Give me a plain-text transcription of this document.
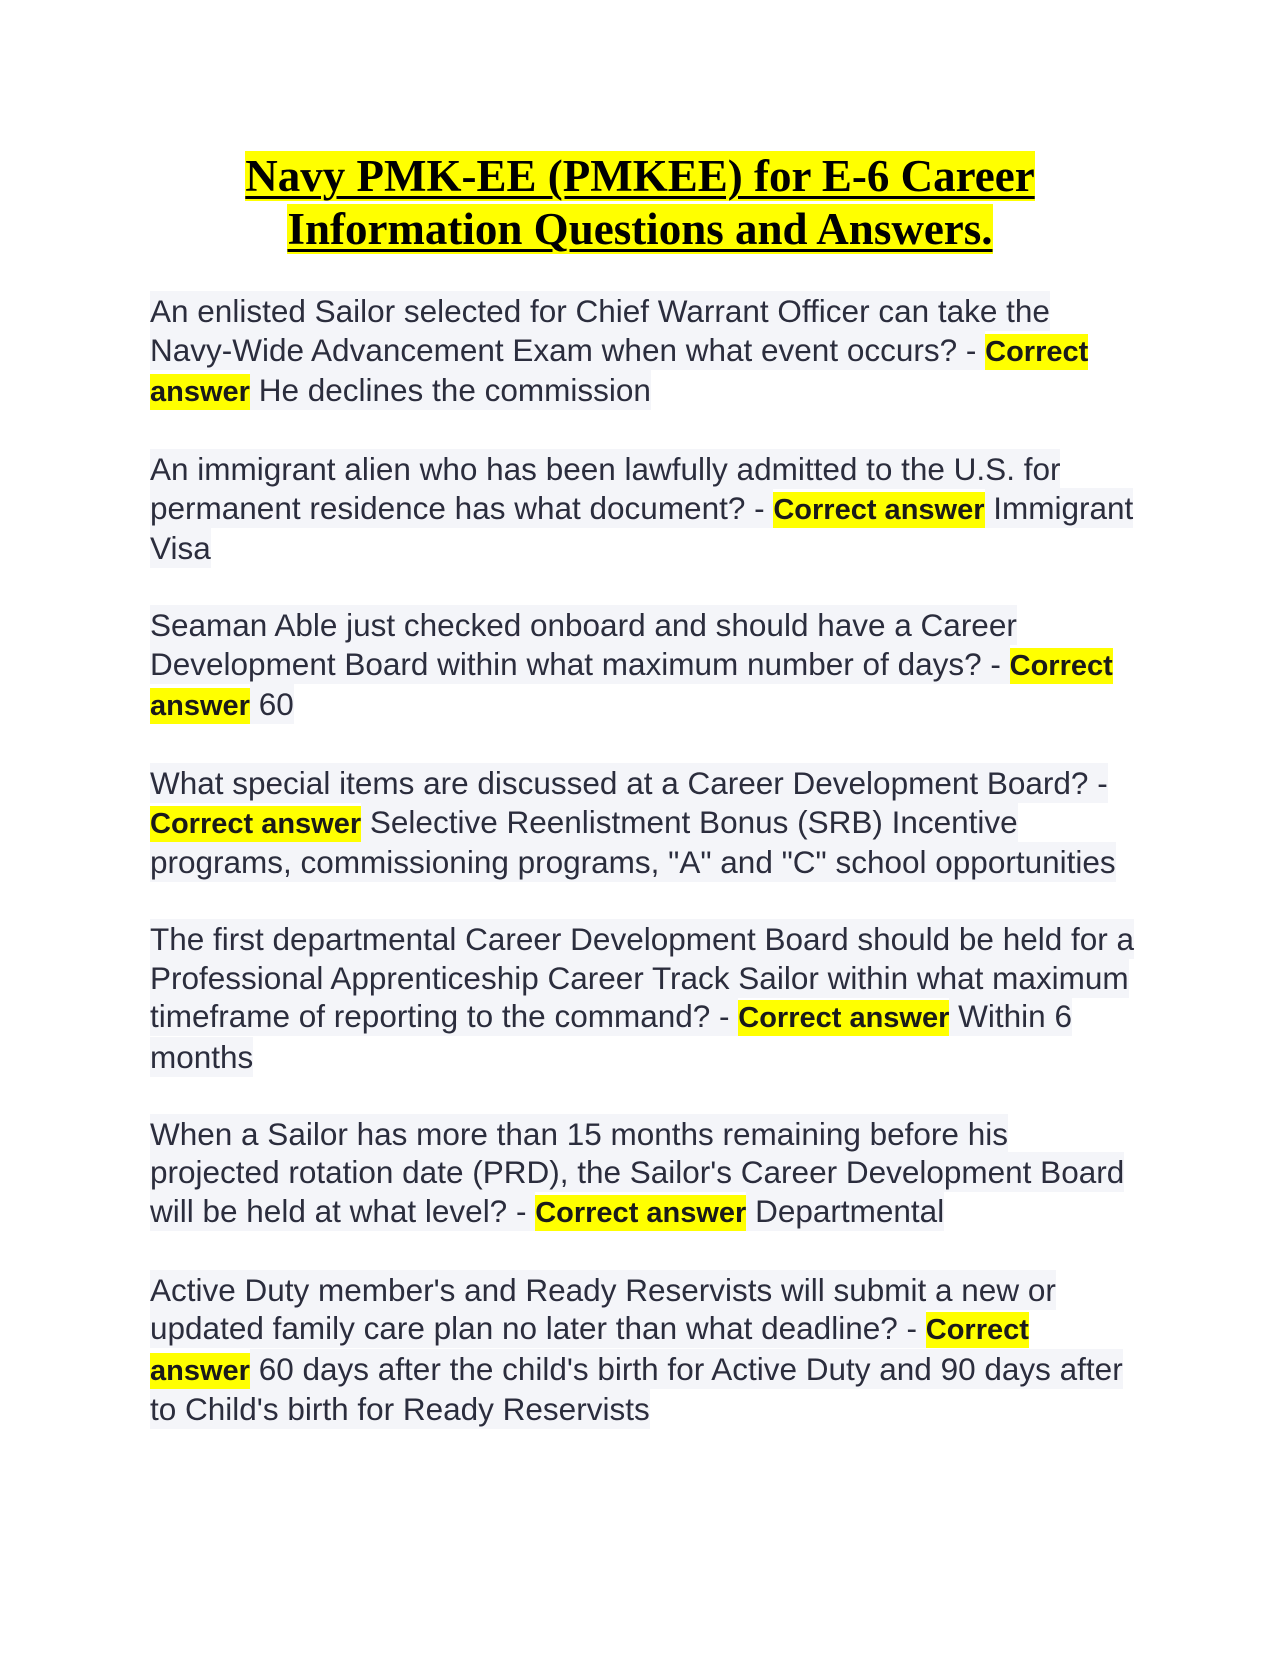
Navy PMK-EE (PMKEE) for E-6 Career
Information Questions and Answers.
An enlisted Sailor selected for Chief Warrant Officer can take the Navy-Wide Advancement Exam when what event occurs? - Correct answer He declines the commission
An immigrant alien who has been lawfully admitted to the U.S. for permanent residence has what document? - Correct answer Immigrant Visa
Seaman Able just checked onboard and should have a Career Development Board within what maximum number of days? - Correct answer 60
What special items are discussed at a Career Development Board? - Correct answer Selective Reenlistment Bonus (SRB) Incentive programs, commissioning programs, "A" and "C" school opportunities
The first departmental Career Development Board should be held for a Professional Apprenticeship Career Track Sailor within what maximum timeframe of reporting to the command? - Correct answer Within 6 months
When a Sailor has more than 15 months remaining before his projected rotation date (PRD), the Sailor's Career Development Board will be held at what level? - Correct answer Departmental
Active Duty member's and Ready Reservists will submit a new or updated family care plan no later than what deadline? - Correct answer 60 days after the child's birth for Active Duty and 90 days after to Child's birth for Ready Reservists
